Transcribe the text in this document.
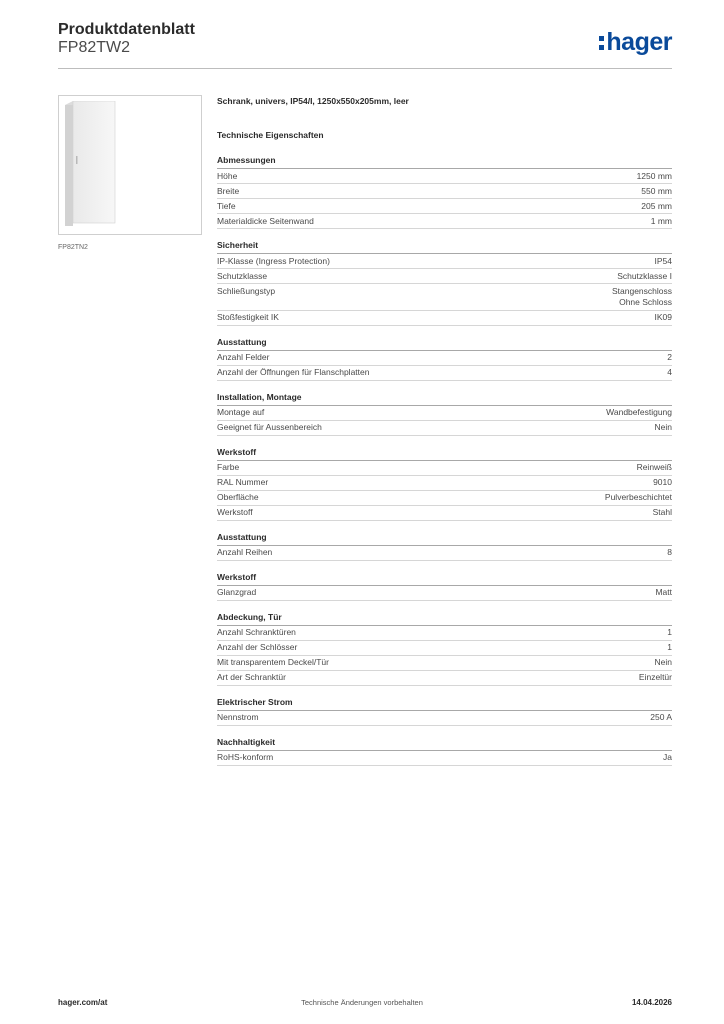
Produktdatenblatt
FP82TW2	hager
FP82TN2
Schrank, univers, IP54/I, 1250x550x205mm, leer
Technische Eigenschaften
Abmessungen
Höhe	1250 mm
Breite	550 mm
Tiefe	205 mm
Materialdicke Seitenwand	1 mm
Sicherheit
IP-Klasse (Ingress Protection)	IP54
Schutzklasse	Schutzklasse I
Schließungstyp	Stangenschloss
Ohne Schloss
Stoßfestigkeit IK	IK09
Ausstattung
Anzahl Felder	2
Anzahl der Öffnungen für Flanschplatten	4
Installation, Montage
Montage auf	Wandbefestigung
Geeignet für Aussenbereich	Nein
Werkstoff
Farbe	Reinweiß
RAL Nummer	9010
Oberfläche	Pulverbeschichtet
Werkstoff	Stahl
Ausstattung
Anzahl Reihen	8
Werkstoff
Glanzgrad	Matt
Abdeckung, Tür
Anzahl Schranktüren	1
Anzahl der Schlösser	1
Mit transparentem Deckel/Tür	Nein
Art der Schranktür	Einzeltür
Elektrischer Strom
Nennstrom	250 A
Nachhaltigkeit
RoHS-konform	Ja
hager.com/at	Technische Änderungen vorbehalten	14.04.2026
